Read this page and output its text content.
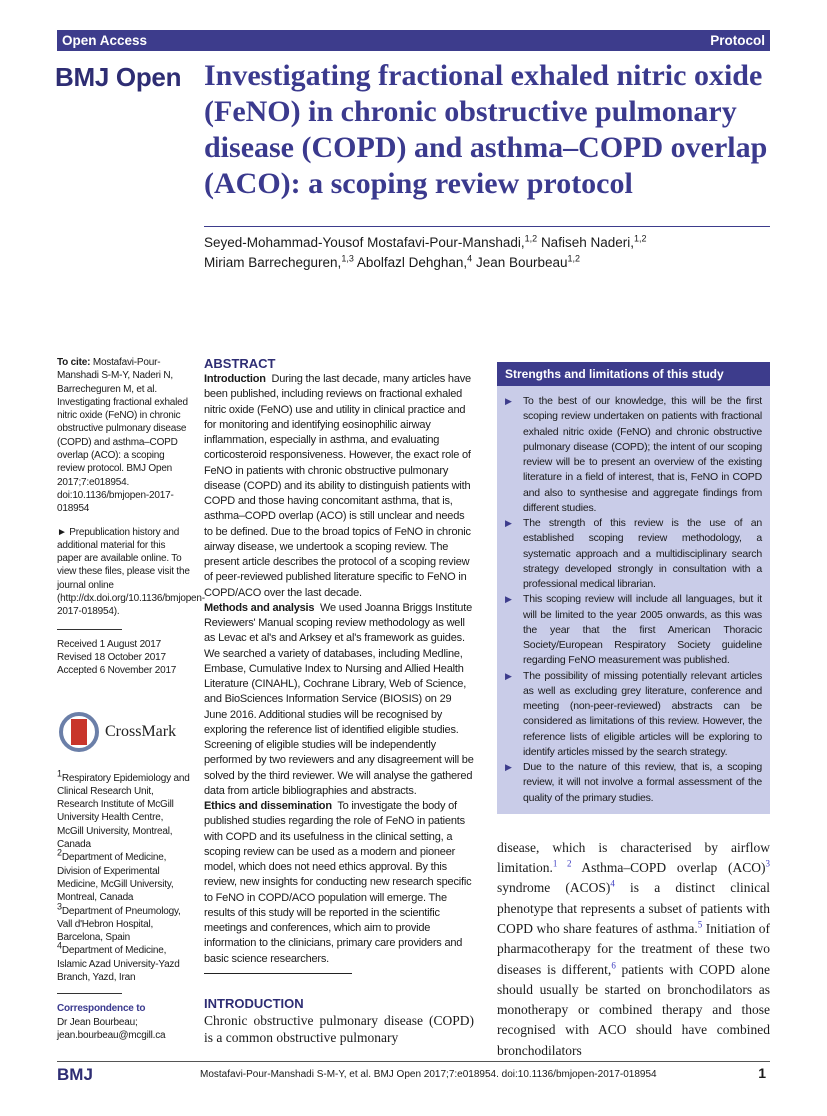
Open Access	Protocol
BMJ Open Investigating fractional exhaled nitric oxide (FeNO) in chronic obstructive pulmonary disease (COPD) and asthma–COPD overlap (ACO): a scoping review protocol
Seyed-Mohammad-Yousof Mostafavi-Pour-Manshadi,$^{1,2}$ Nafiseh Naderi,$^{1,2}$
Miriam Barrecheguren,$^{1,3}$ Abolfazl Dehghan,$^4$ Jean Bourbeau$^{1,2}$

To cite: Mostafavi-Pour-Manshadi S-M-Y, Naderi N, Barrecheguren M, et al. Investigating fractional exhaled nitric oxide (FeNO) in chronic obstructive pulmonary disease (COPD) and asthma–COPD overlap (ACO): a scoping review protocol. BMJ Open 2017;7:e018954. doi:10.1136/bmjopen-2017-018954

► Prepublication history and additional material for this paper are available online. To view these files, please visit the journal online (http://dx.doi.org/10.1136/bmjopen-2017-018954).

Received 1 August 2017
Revised 18 October 2017
Accepted 6 November 2017
CrossMark
$^1$Respiratory Epidemiology and Clinical Research Unit, Research Institute of McGill University Health Centre, McGill University, Montreal, Canada
$^2$Department of Medicine, Division of Experimental Medicine, McGill University, Montreal, Canada
$^3$Department of Pneumology, Vall d'Hebron Hospital, Barcelona, Spain
$^4$Department of Medicine, Islamic Azad University-Yazd Branch, Yazd, Iran
Correspondence to
Dr Jean Bourbeau;
jean.bourbeau@mcgill.ca
ABSTRACT

Introduction During the last decade, many articles have been published, including reviews on fractional exhaled nitric oxide (FeNO) use and utility in clinical practice and for monitoring and identifying eosinophilic airway inflammation, especially in asthma, and evaluating corticosteroid responsiveness. However, the exact role of FeNO in patients with chronic obstructive pulmonary disease (COPD) and its ability to distinguish patients with COPD and those having concomitant asthma, that is, asthma–COPD overlap (ACO) is still unclear and needs to be defined. Due to the broad topics of FeNO in chronic airway disease, we undertook a scoping review. The present article describes the protocol of a scoping review of peer-reviewed published literature specific to FeNO in COPD/ACO over the last decade.

Methods and analysis We used Joanna Briggs Institute Reviewers' Manual scoping review methodology as well as Levac et al's and Arksey et al's framework as guides. We searched a variety of databases, including Medline, Embase, Cumulative Index to Nursing and Allied Health Literature (CINAHL), Cochrane Library, Web of Science, and BioSciences Information Service (BIOSIS) on 29 June 2016. Additional studies will be recognised by exploring the reference list of identified eligible studies. Screening of eligible studies will be independently performed by two reviewers and any disagreement will be solved by the third reviewer. We will analyse the gathered data from article bibliographies and abstracts.

Ethics and dissemination To investigate the body of published studies regarding the role of FeNO in patients with COPD and its usefulness in the clinical setting, a scoping review can be used as a modern and pioneer model, which does not need ethics approval. By this review, new insights for conducting new research specific to FeNO in COPD/ACO population will emerge. The results of this study will be reported in the scientific meetings and conferences, which aim to provide information to the clinicians, primary care providers and basic science researchers.

INTRODUCTION

Chronic obstructive pulmonary disease (COPD) is a common obstructive pulmonary

Strengths and limitations of this study
▶ To the best of our knowledge, this will be the first scoping review undertaken on patients with fractional exhaled nitric oxide (FeNO) and chronic obstructive pulmonary disease (COPD); the intent of our scoping review will be to present an overview of the existing literature in a field of interest, that is, FeNO in COPD and also to synthesise and aggregate findings from different studies.
▶ The strength of this review is the use of an established scoping review methodology, a systematic approach and a multidisciplinary search strategy developed strongly in consultation with a professional medical librarian.
▶ This scoping review will include all languages, but it will be limited to the year 2005 onwards, as this was the year that the first American Thoracic Society/European Respiratory Society guideline regarding FeNO measurement was published.
▶ The possibility of missing potentially relevant articles as well as excluding grey literature, conference and meeting (non-peer-reviewed) abstracts can be considered as limitations of this review. However, the reference lists of eligible articles will be exploring to identify articles missed by the search strategy.
▶ Due to the nature of this review, that is, a scoping review, it will not involve a formal assessment of the quality of the primary studies.
disease, which is characterised by airflow limitation.$^{1 2}$ Asthma–COPD overlap (ACO)$^3$ syndrome (ACOS)$^4$ is a distinct clinical phenotype that represents a subset of patients with COPD who share features of asthma.$^5$ Initiation of pharmacotherapy for the treatment of these two diseases is different,$^6$ patients with COPD alone should usually be started on bronchodilators as monotherapy or combined therapy and those recognised with ACO should have combined bronchodilators
BMJ	Mostafavi-Pour-Manshadi S-M-Y, et al. BMJ Open 2017;7:e018954. doi:10.1136/bmjopen-2017-018954	1
